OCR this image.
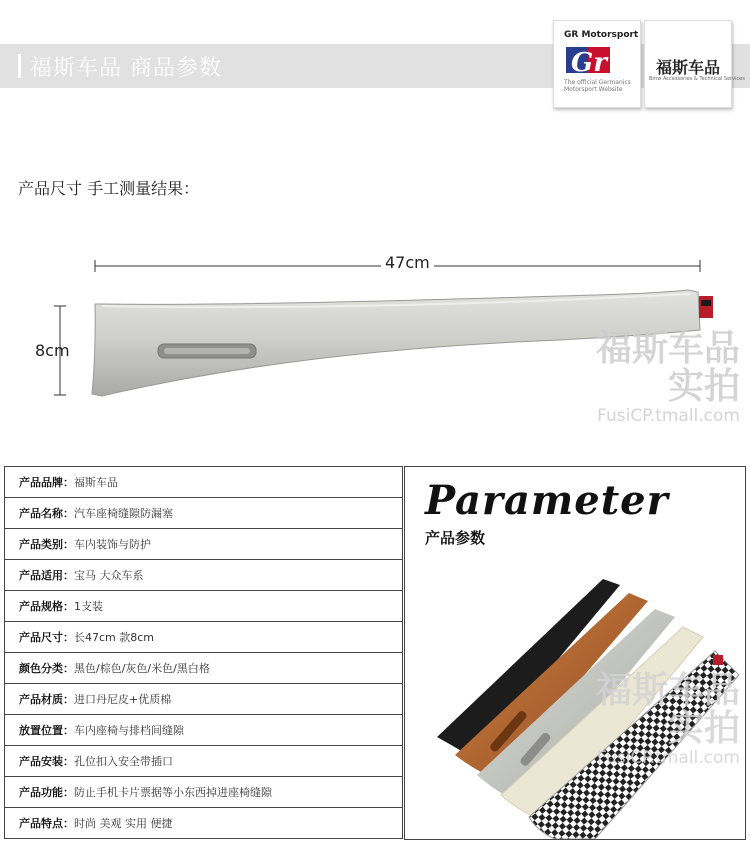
福斯车品 商品参数
GR Motorsport
Gr
The official Germanics Motorsport Website
福斯车品
Bmw Accessories & Technical Services
产品尺寸 手工测量结果：
47cm
8cm	福斯车品
实拍
FusiCP.tmall.com
产品品牌：福斯车品
产品名称：汽车座椅缝隙防漏塞
产品类别：车内装饰与防护
产品适用：宝马 大众车系
产品规格：1支装
产品尺寸：长47cm 款8cm
颜色分类：黑色/棕色/灰色/米色/黑白格
产品材质：进口丹尼皮+优质棉
放置位置：车内座椅与排档间缝隙
产品安装：孔位扣入安全带插口
产品功能：防止手机卡片票据等小东西掉进座椅缝隙
产品特点：时尚 美观 实用 便捷
Parameter
产品参数
福斯车品
实拍
FusiCP.tmall.com
